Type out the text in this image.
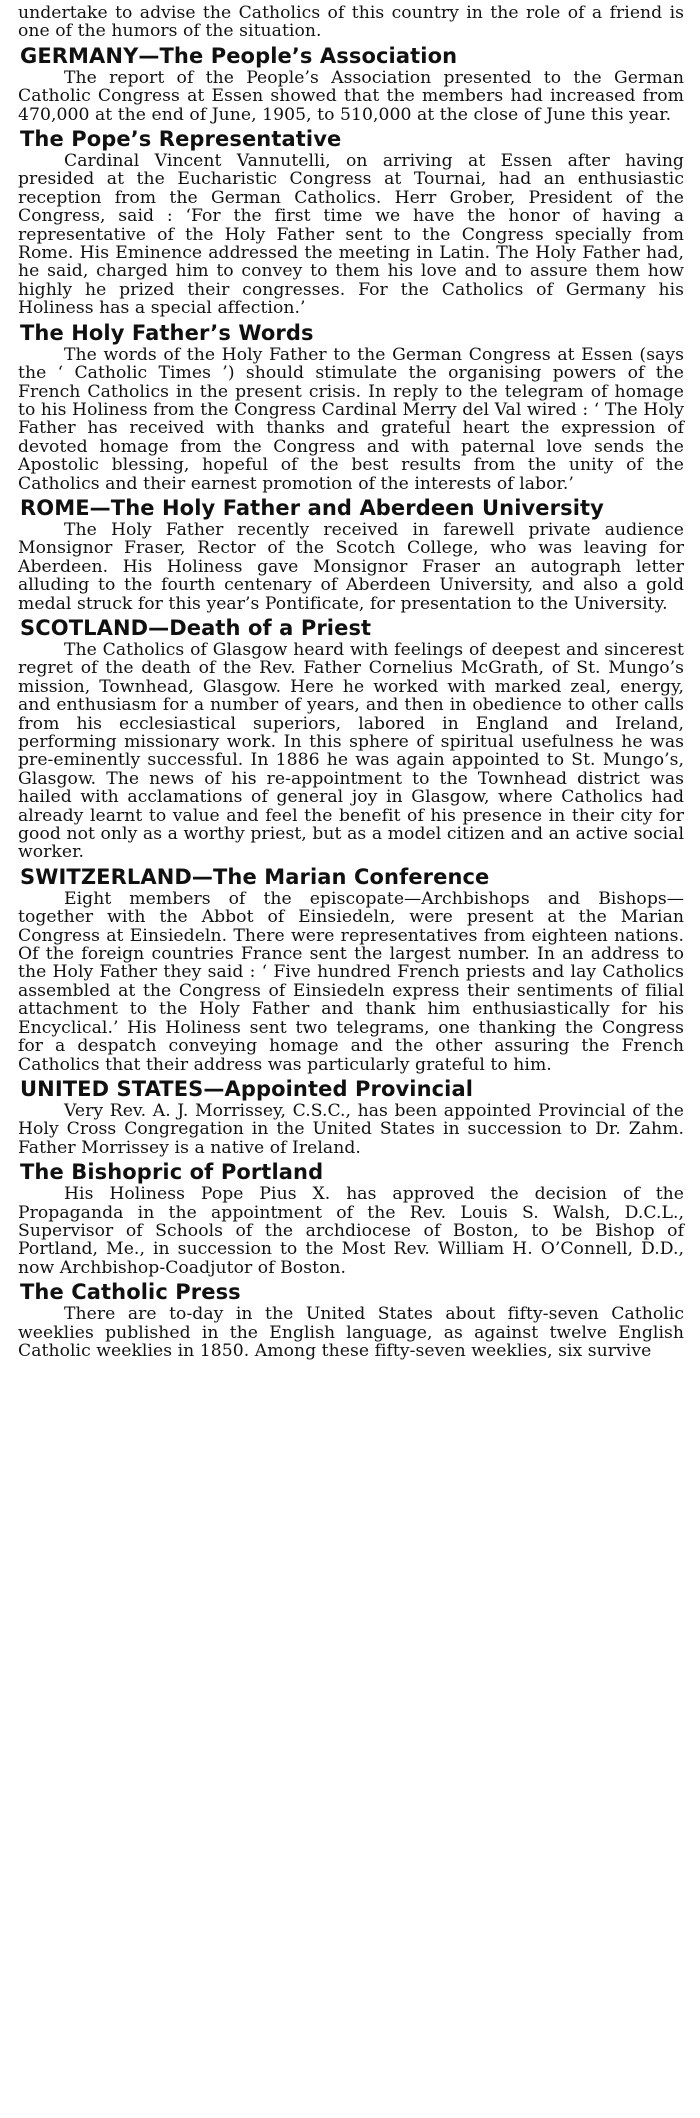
undertake to advise the Catholics of this country in the role of a friend is one of the humors of the situation.

GERMANY—The People’s Association

The report of the People’s Association presented to the German Catholic Congress at Essen showed that the members had increased from 470,000 at the end of June, 1905, to 510,000 at the close of June this year.

The Pope’s Representative

Cardinal Vincent Vannutelli, on arriving at Essen after having presided at the Eucharistic Congress at Tournai, had an enthusiastic reception from the German Catholics. Herr Grober, President of the Congress, said : ‘For the first time we have the honor of having a representative of the Holy Father sent to the Congress specially from Rome. His Eminence addressed the meeting in Latin. The Holy Father had, he said, charged him to convey to them his love and to assure them how highly he prized their congresses. For the Catholics of Germany his Holiness has a special affection.’

The Holy Father’s Words

The words of the Holy Father to the German Congress at Essen (says the ‘ Catholic Times ’) should stimulate the organising powers of the French Catholics in the present crisis. In reply to the telegram of homage to his Holiness from the Congress Cardinal Merry del Val wired : ‘ The Holy Father has received with thanks and grateful heart the expression of devoted homage from the Congress and with paternal love sends the Apostolic blessing, hopeful of the best results from the unity of the Catholics and their earnest promotion of the interests of labor.’

ROME—The Holy Father and Aberdeen University

The Holy Father recently received in farewell private audience Monsignor Fraser, Rector of the Scotch College, who was leaving for Aberdeen. His Holiness gave Monsignor Fraser an autograph letter alluding to the fourth centenary of Aberdeen University, and also a gold medal struck for this year’s Pontificate, for presentation to the University.

SCOTLAND—Death of a Priest

The Catholics of Glasgow heard with feelings of deepest and sincerest regret of the death of the Rev. Father Cornelius McGrath, of St. Mungo’s mission, Townhead, Glasgow. Here he worked with marked zeal, energy, and enthusiasm for a number of years, and then in obedience to other calls from his ecclesiastical superiors, labored in England and Ireland, performing missionary work. In this sphere of spiritual usefulness he was pre-eminently successful. In 1886 he was again appointed to St. Mungo’s, Glasgow. The news of his re-appointment to the Townhead district was hailed with acclamations of general joy in Glasgow, where Catholics had already learnt to value and feel the benefit of his presence in their city for good not only as a worthy priest, but as a model citizen and an active social worker.

SWITZERLAND—The Marian Conference

Eight members of the episcopate—Archbishops and Bishops—together with the Abbot of Einsiedeln, were present at the Marian Congress at Einsiedeln. There were representatives from eighteen nations. Of the foreign countries France sent the largest number. In an address to the Holy Father they said : ‘ Five hundred French priests and lay Catholics assembled at the Congress of Einsiedeln express their sentiments of filial attachment to the Holy Father and thank him enthusiastically for his Encyclical.’ His Holiness sent two telegrams, one thanking the Congress for a despatch conveying homage and the other assuring the French Catholics that their address was particularly grateful to him.

UNITED STATES—Appointed Provincial

Very Rev. A. J. Morrissey, C.S.C., has been appointed Provincial of the Holy Cross Congregation in the United States in succession to Dr. Zahm. Father Morrissey is a native of Ireland.

The Bishopric of Portland

His Holiness Pope Pius X. has approved the decision of the Propaganda in the appointment of the Rev. Louis S. Walsh, D.C.L., Supervisor of Schools of the archdiocese of Boston, to be Bishop of Portland, Me., in succession to the Most Rev. William H. O’Connell, D.D., now Archbishop-Coadjutor of Boston.

The Catholic Press

There are to-day in the United States about fifty-seven Catholic weeklies published in the English language, as against twelve English Catholic weeklies in 1850. Among these fifty-seven weeklies, six survive
